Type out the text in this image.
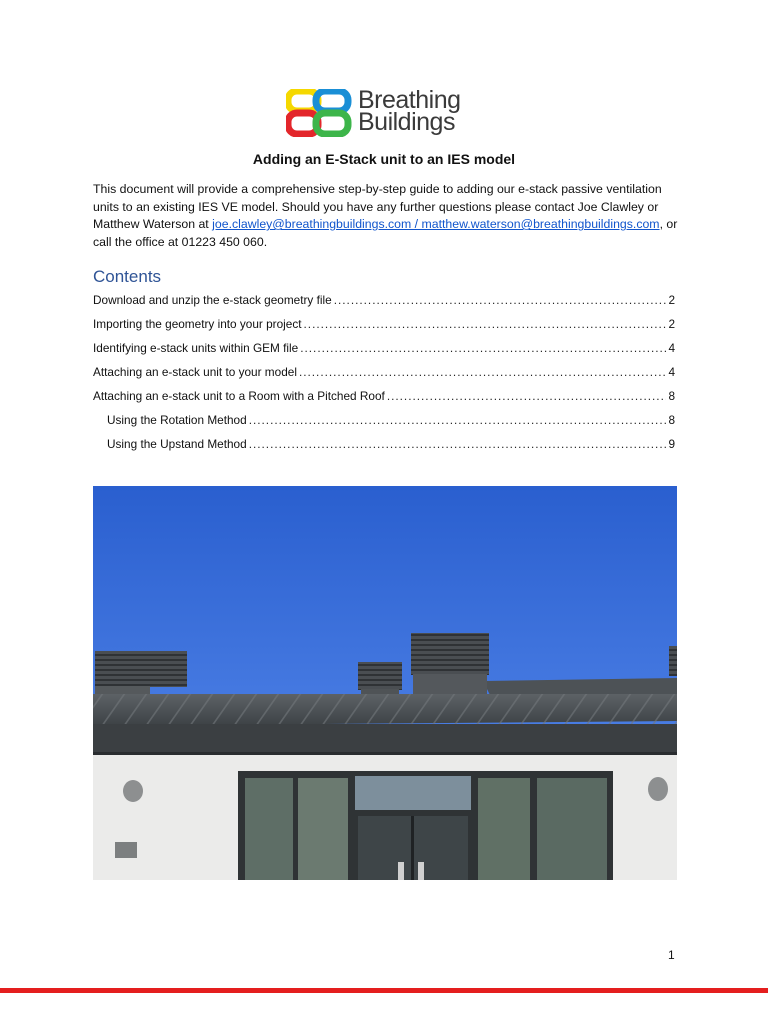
Breathing
Buildings
Adding an E-Stack unit to an IES model

This document will provide a comprehensive step-by-step guide to adding our e-stack passive ventilation units to an existing IES VE model. Should you have any further questions please contact Joe Clawley or Matthew Waterson at joe.clawley@breathingbuildings.com / matthew.waterson@breathingbuildings.com, or call the office at 01223 450 060.

Contents
Download and unzip the e-stack geometry file .....	2
Importing the geometry into your project .....	2
Identifying e-stack units within GEM file .....	4
Attaching an e-stack unit to your model .....	4
Attaching an e-stack unit to a Room with a Pitched Roof .....	8
Using the Rotation Method .....	8
Using the Upstand Method .....	9
1
